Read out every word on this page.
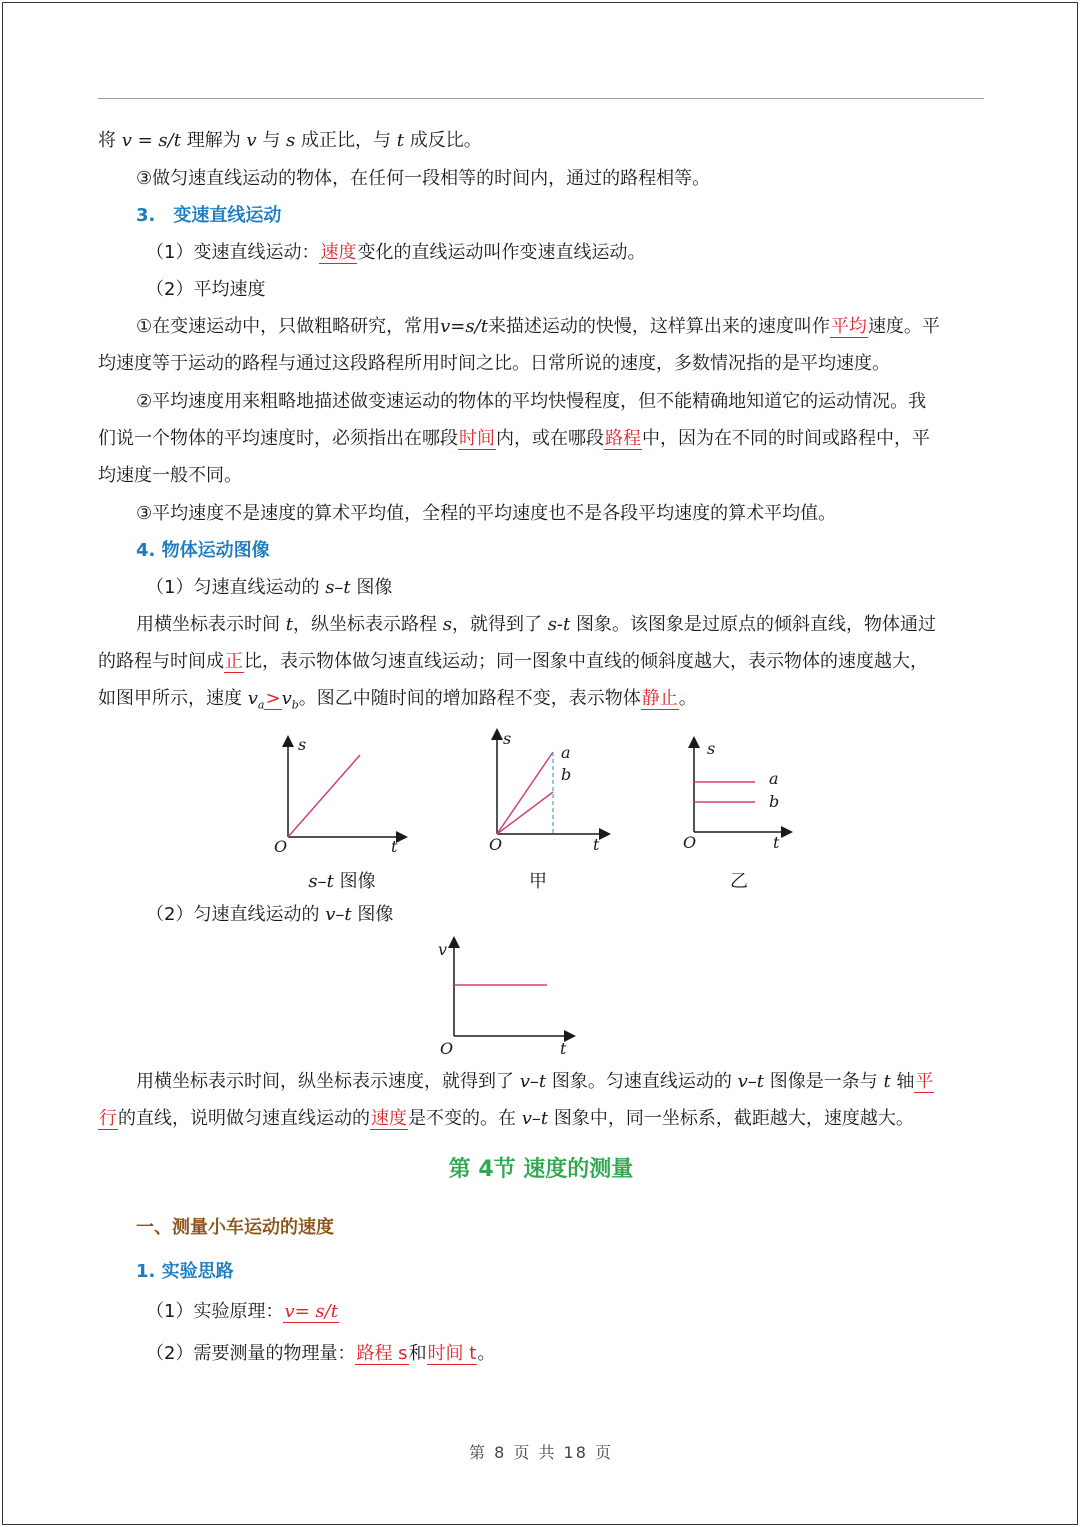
将 v = s/t 理解为 v 与 s 成正比，与 t 成反比。
③做匀速直线运动的物体，在任何一段相等的时间内，通过的路程相等。
3.　变速直线运动
（1）变速直线运动：速度变化的直线运动叫作变速直线运动。
（2）平均速度
①在变速运动中，只做粗略研究，常用v=s/t来描述运动的快慢，这样算出来的速度叫作平均速度。平
均速度等于运动的路程与通过这段路程所用时间之比。日常所说的速度，多数情况指的是平均速度。
②平均速度用来粗略地描述做变速运动的物体的平均快慢程度，但不能精确地知道它的运动情况。我
们说一个物体的平均速度时，必须指出在哪段时间内，或在哪段路程中，因为在不同的时间或路程中，平
均速度一般不同。
③平均速度不是速度的算术平均值，全程的平均速度也不是各段平均速度的算术平均值。
4. 物体运动图像
（1）匀速直线运动的 s–t 图像
用横坐标表示时间 t，纵坐标表示路程 s，就得到了 s-t 图象。该图象是过原点的倾斜直线，物体通过
的路程与时间成正比，表示物体做匀速直线运动；同一图象中直线的倾斜度越大，表示物体的速度越大，
如图甲所示，速度 $v_a>v_b$。图乙中随时间的增加路程不变，表示物体静止。
s
t
O
s–t 图像
s
a
b
t
O
甲
s
a
b
t
O
乙
（2）匀速直线运动的 v–t 图像
v
t
O
用横坐标表示时间，纵坐标表示速度，就得到了 v–t 图象。匀速直线运动的 v–t 图像是一条与 t 轴平
行的直线，说明做匀速直线运动的速度是不变的。在 v–t 图象中，同一坐标系，截距越大，速度越大。
第 4节 速度的测量
一、测量小车运动的速度
1. 实验思路
（1）实验原理：v= s/t
（2）需要测量的物理量：路程 s和时间 t。
第 8 页 共 18 页
